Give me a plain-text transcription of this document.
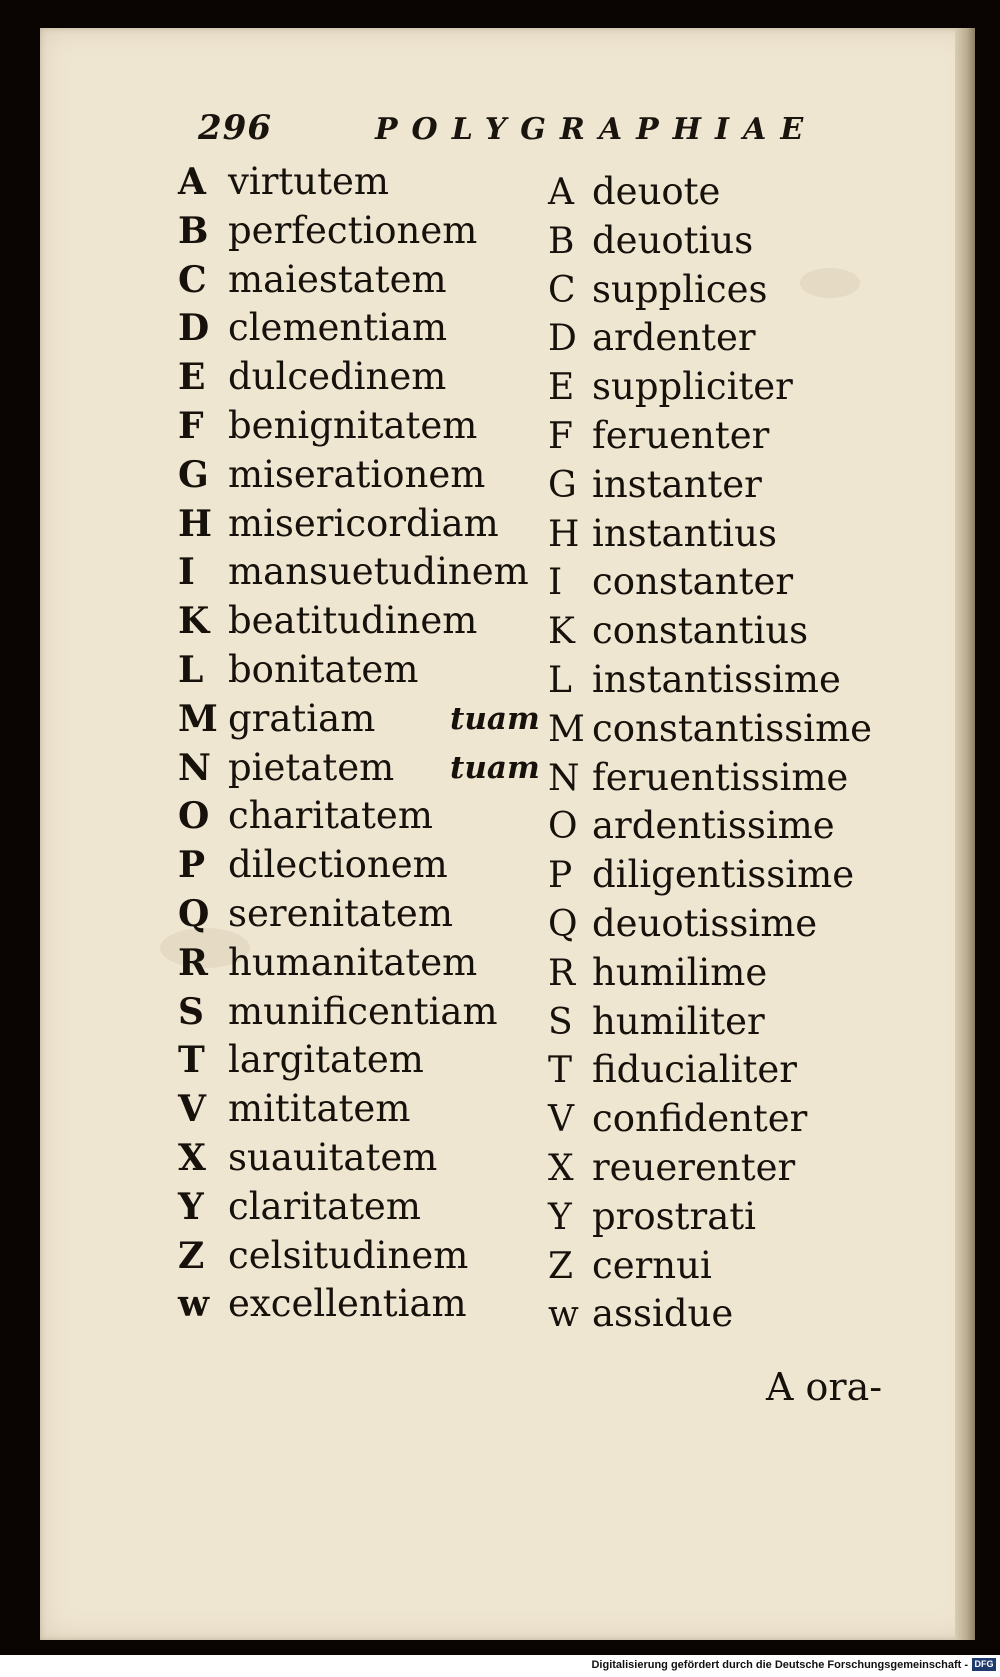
296	POLYGRAPHIAE
A virtutem
B perfectionem
C maiestatem
D clementiam
E dulcedinem
F benignitatem
G miserationem
H misericordiam
I mansuetudinem
K beatitudinem
L bonitatem
M gratiam tuam
N pietatem tuam
O charitatem
P dilectionem
Q serenitatem
R humanitatem
S munificentiam
T largitatem
V mititatem
X suauitatem
Y claritatem
Z celsitudinem
w excellentiam
A deuote
B deuotius
C supplices
D ardenter
E suppliciter
F feruenter
G instanter
H instantius
I constanter
K constantius
L instantissime
M constantissime
N feruentissime
O ardentissime
P diligentissime
Q deuotissime
R humilime
S humiliter
T fiducialiter
V confidenter
X reuerenter
Y prostrati
Z cernui
w assidue
A ora-
Digitalisierung gefördert durch die Deutsche Forschungsgemeinschaft - DFG
